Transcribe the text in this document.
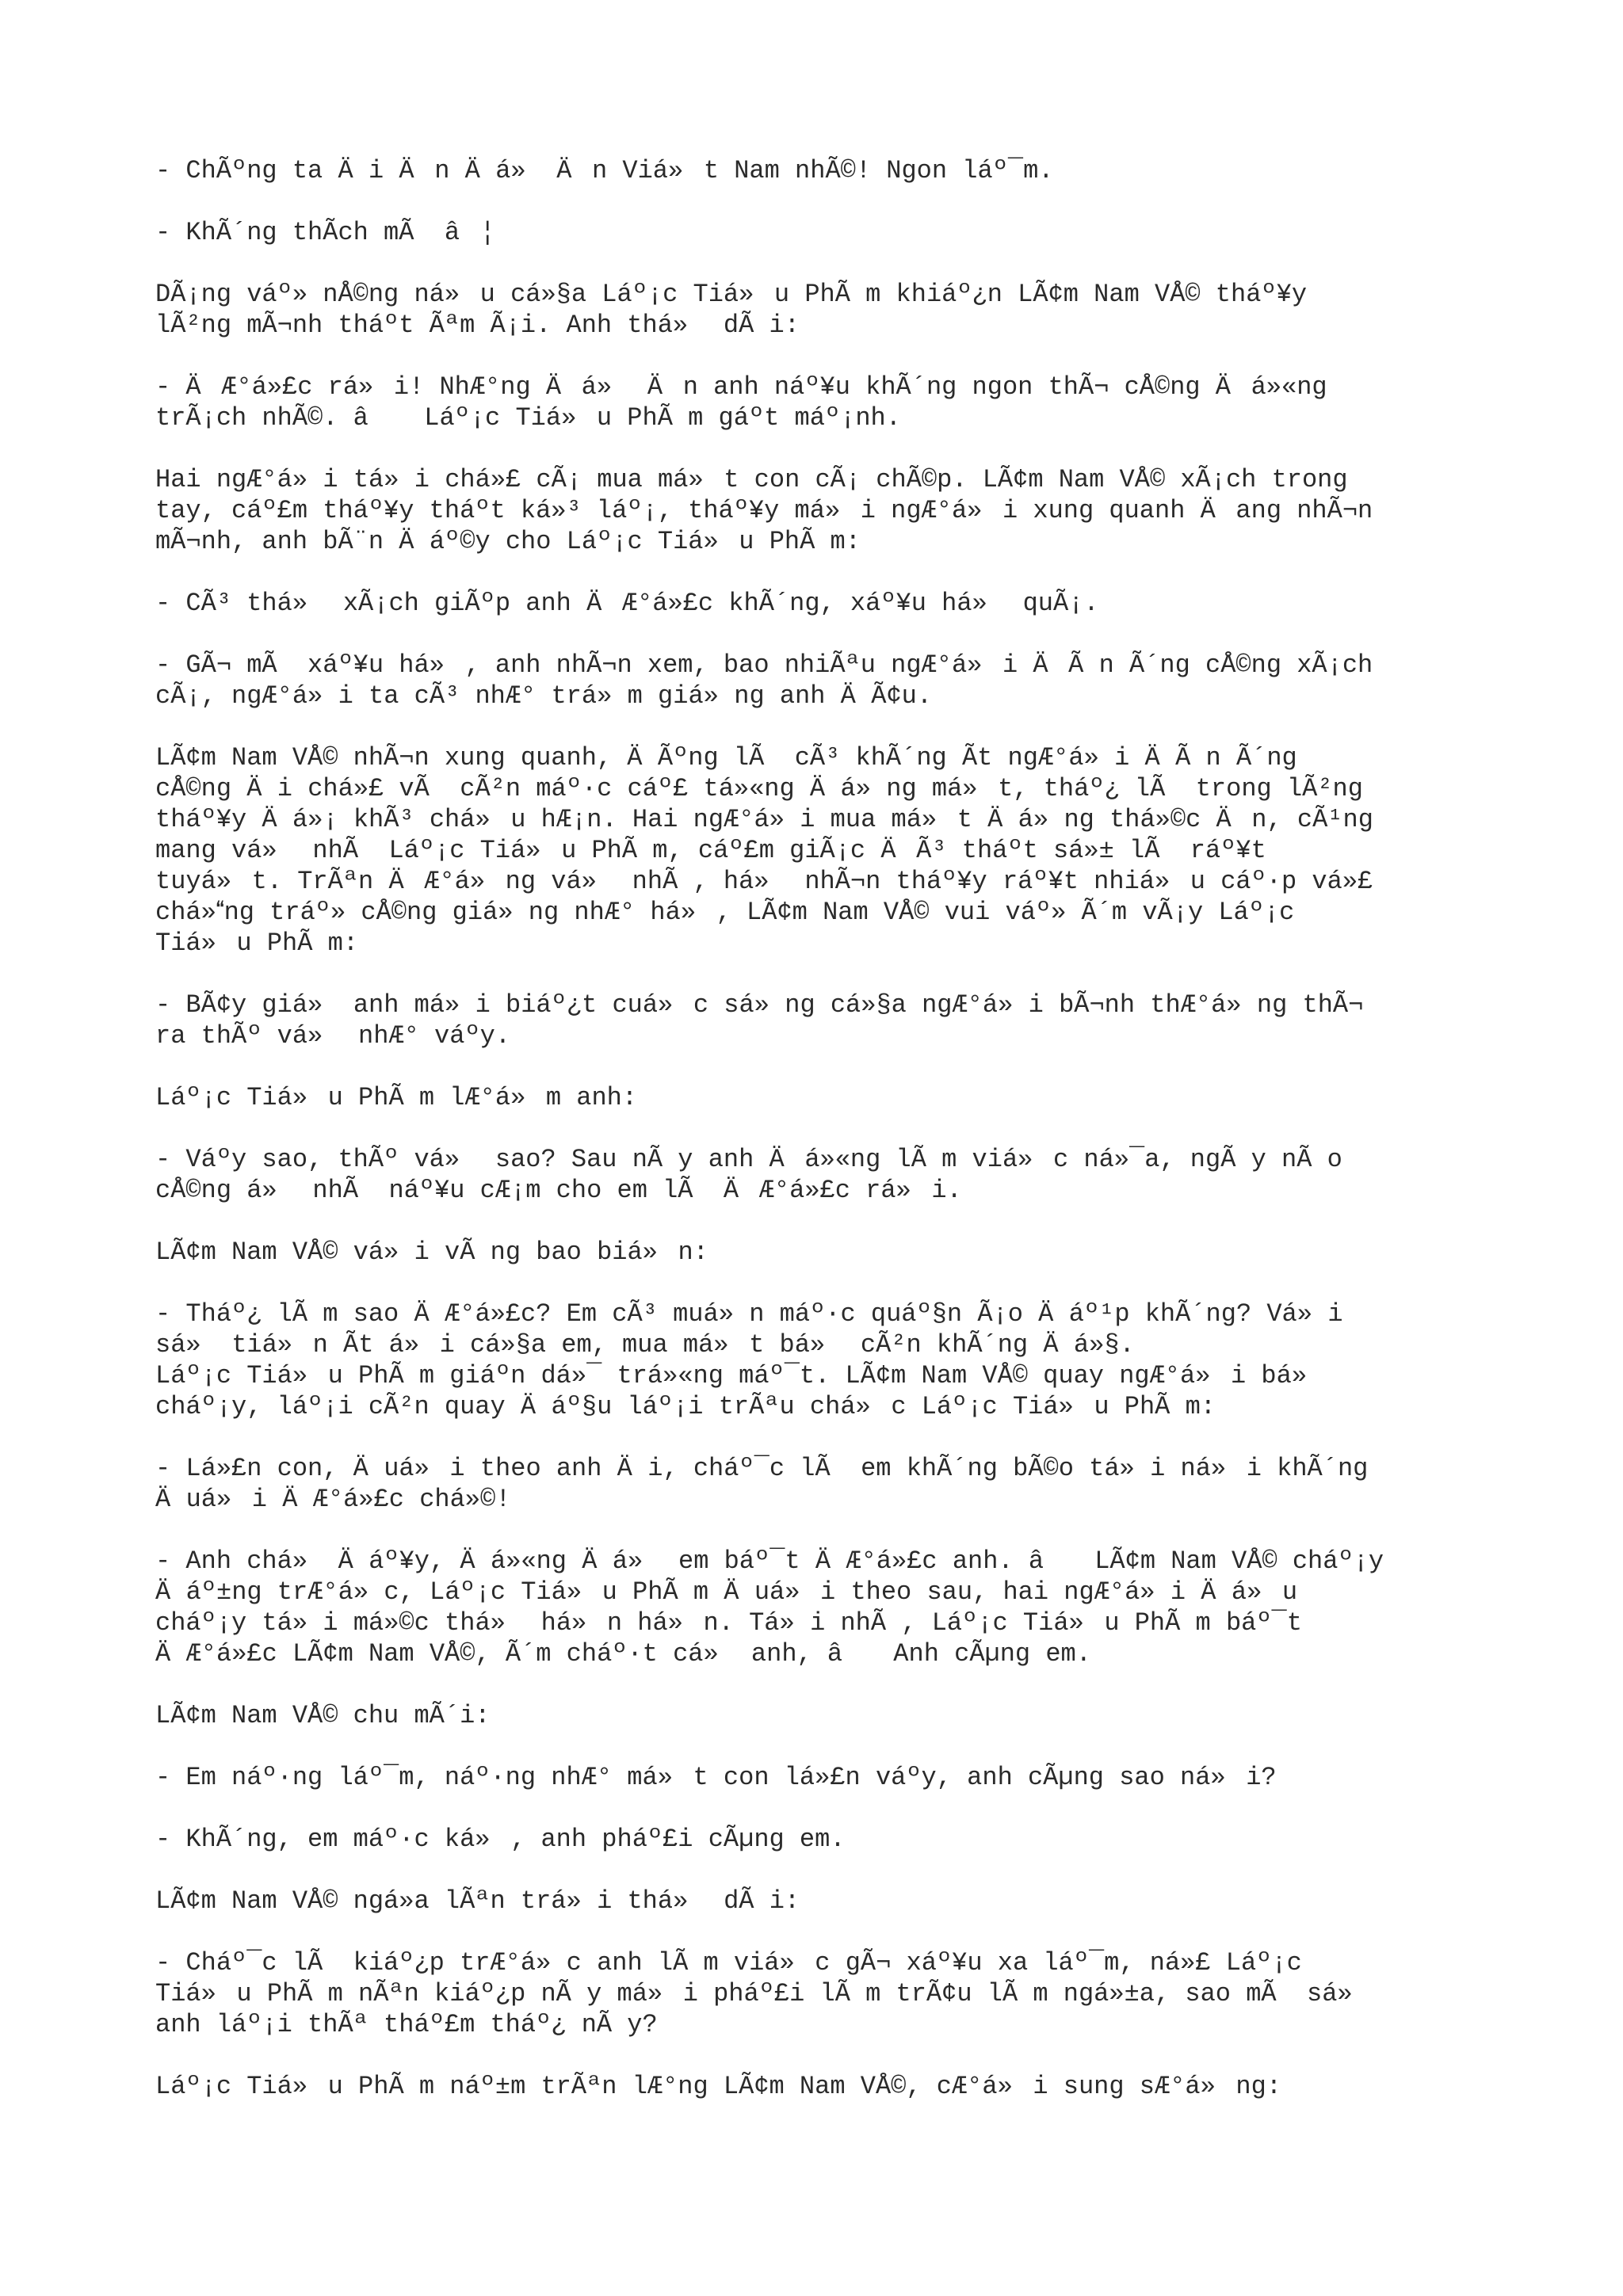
- ChÃºng ta Äi Än Äá» Än Viá»t Nam nhÃ©! Ngon láº¯m.

- KhÃ´ng thÃch mÃ  â¦

DÃ¡ng váº» nÅ©ng ná»u cá»§a Láº¡c Tiá»u PhÃ m khiáº¿n LÃ¢m Nam VÅ© tháº¥y
lÃ²ng mÃ¬nh tháºt Ãªm Ã¡i. Anh thá» dÃ i:

- ÄÆ°á»£c rá»i! NhÆ°ng Äá» Än anh náº¥u khÃ´ng ngon thÃ¬ cÅ©ng Äá»«ng
trÃ¡ch nhÃ©. â Láº¡c Tiá»u PhÃ m gáºt máº¡nh.

Hai ngÆ°á»i tá»i chá»£ cÃ¡ mua má»t con cÃ¡ chÃ©p. LÃ¢m Nam VÅ© xÃ¡ch trong
tay, cáº£m tháº¥y tháºt ká»³ láº¡, tháº¥y má»i ngÆ°á»i xung quanh Äang nhÃ¬n
mÃ¬nh, anh bÃ¨n Äáº©y cho Láº¡c Tiá»u PhÃ m:

- CÃ³ thá» xÃ¡ch giÃºp anh ÄÆ°á»£c khÃ´ng, xáº¥u há» quÃ¡.

- GÃ¬ mÃ  xáº¥u há», anh nhÃ¬n xem, bao nhiÃªu ngÆ°á»i ÄÃ n Ã´ng cÅ©ng xÃ¡ch
cÃ¡, ngÆ°á»i ta cÃ³ nhÆ° trá»m giá»ng anh ÄÃ¢u.

LÃ¢m Nam VÅ© nhÃ¬n xung quanh, ÄÃºng lÃ  cÃ³ khÃ´ng Ãt ngÆ°á»i ÄÃ n Ã´ng
cÅ©ng Äi chá»£ vÃ  cÃ²n máº·c cáº£ tá»«ng Äá»ng má»t, tháº¿ lÃ  trong lÃ²ng
tháº¥y Äá»¡ khÃ³ chá»u hÆ¡n. Hai ngÆ°á»i mua má»t Äá»ng thá»©c Än, cÃ¹ng
mang vá» nhÃ  Láº¡c Tiá»u PhÃ m, cáº£m giÃ¡c ÄÃ³ tháºt sá»± lÃ  ráº¥t
tuyá»t. TrÃªn ÄÆ°á»ng vá» nhÃ , há» nhÃ¬n tháº¥y ráº¥t nhiá»u cáº·p vá»£
chá»ng tráº» cÅ©ng giá»ng nhÆ° há», LÃ¢m Nam VÅ© vui váº» Ã´m vÃ¡y Láº¡c
Tiá»u PhÃ m:

- BÃ¢y giá» anh má»i biáº¿t cuá»c sá»ng cá»§a ngÆ°á»i bÃ¬nh thÆ°á»ng thÃ¬
ra thÃº vá» nhÆ° váºy.

Láº¡c Tiá»u PhÃ m lÆ°á»m anh:

- Váºy sao, thÃº vá» sao? Sau nÃ y anh Äá»«ng lÃ m viá»c ná»¯a, ngÃ y nÃ o
cÅ©ng á» nhÃ  náº¥u cÆ¡m cho em lÃ  ÄÆ°á»£c rá»i.

LÃ¢m Nam VÅ© vá»i vÃ ng bao biá»n:

- Tháº¿ lÃ m sao ÄÆ°á»£c? Em cÃ³ muá»n máº·c quáº§n Ã¡o Äáº¹p khÃ´ng? Vá»i
sá» tiá»n Ãt á»i cá»§a em, mua má»t bá» cÃ²n khÃ´ng Äá»§.
Láº¡c Tiá»u PhÃ m giáºn dá»¯ trá»«ng máº¯t. LÃ¢m Nam VÅ© quay ngÆ°á»i bá»
cháº¡y, láº¡i cÃ²n quay Äáº§u láº¡i trÃªu chá»c Láº¡c Tiá»u PhÃ m:

- Lá»£n con, Äuá»i theo anh Äi, cháº¯c lÃ  em khÃ´ng bÃ©o tá»i ná»i khÃ´ng
Äuá»i ÄÆ°á»£c chá»©!

- Anh chá» Äáº¥y, Äá»«ng Äá» em báº¯t ÄÆ°á»£c anh. â LÃ¢m Nam VÅ© cháº¡y
Äáº±ng trÆ°á»c, Láº¡c Tiá»u PhÃ m Äuá»i theo sau, hai ngÆ°á»i Äá»u
cháº¡y tá»i má»©c thá» há»n há»n. Tá»i nhÃ , Láº¡c Tiá»u PhÃ m báº¯t
ÄÆ°á»£c LÃ¢m Nam VÅ©, Ã´m cháº·t cá» anh, â Anh cÃµng em.

LÃ¢m Nam VÅ© chu mÃ´i:

- Em náº·ng láº¯m, náº·ng nhÆ° má»t con lá»£n váºy, anh cÃµng sao ná»i?

- KhÃ´ng, em máº·c ká», anh pháº£i cÃµng em.

LÃ¢m Nam VÅ© ngá»a lÃªn trá»i thá» dÃ i:

- Cháº¯c lÃ  kiáº¿p trÆ°á»c anh lÃ m viá»c gÃ¬ xáº¥u xa láº¯m, ná»£ Láº¡c
Tiá»u PhÃ m nÃªn kiáº¿p nÃ y má»i pháº£i lÃ m trÃ¢u lÃ m ngá»±a, sao mÃ  sá»
anh láº¡i thÃª tháº£m tháº¿ nÃ y?

Láº¡c Tiá»u PhÃ m náº±m trÃªn lÆ°ng LÃ¢m Nam VÅ©, cÆ°á»i sung sÆ°á»ng:
